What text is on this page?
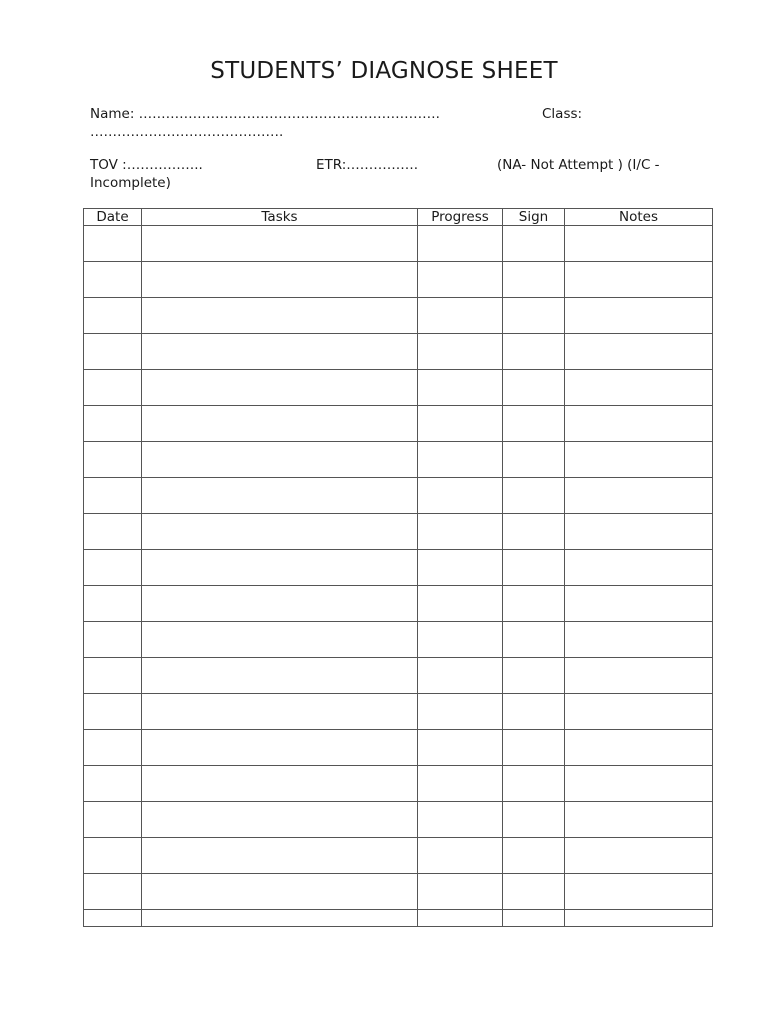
STUDENTS’ DIAGNOSE SHEET
Name: ………………………………………………………….	Class:
…………………………………….
TOV :……………..	ETR:…………….	(NA- Not Attempt ) (I/C -
Incomplete)
Date	Tasks	Progress	Sign	Notes
